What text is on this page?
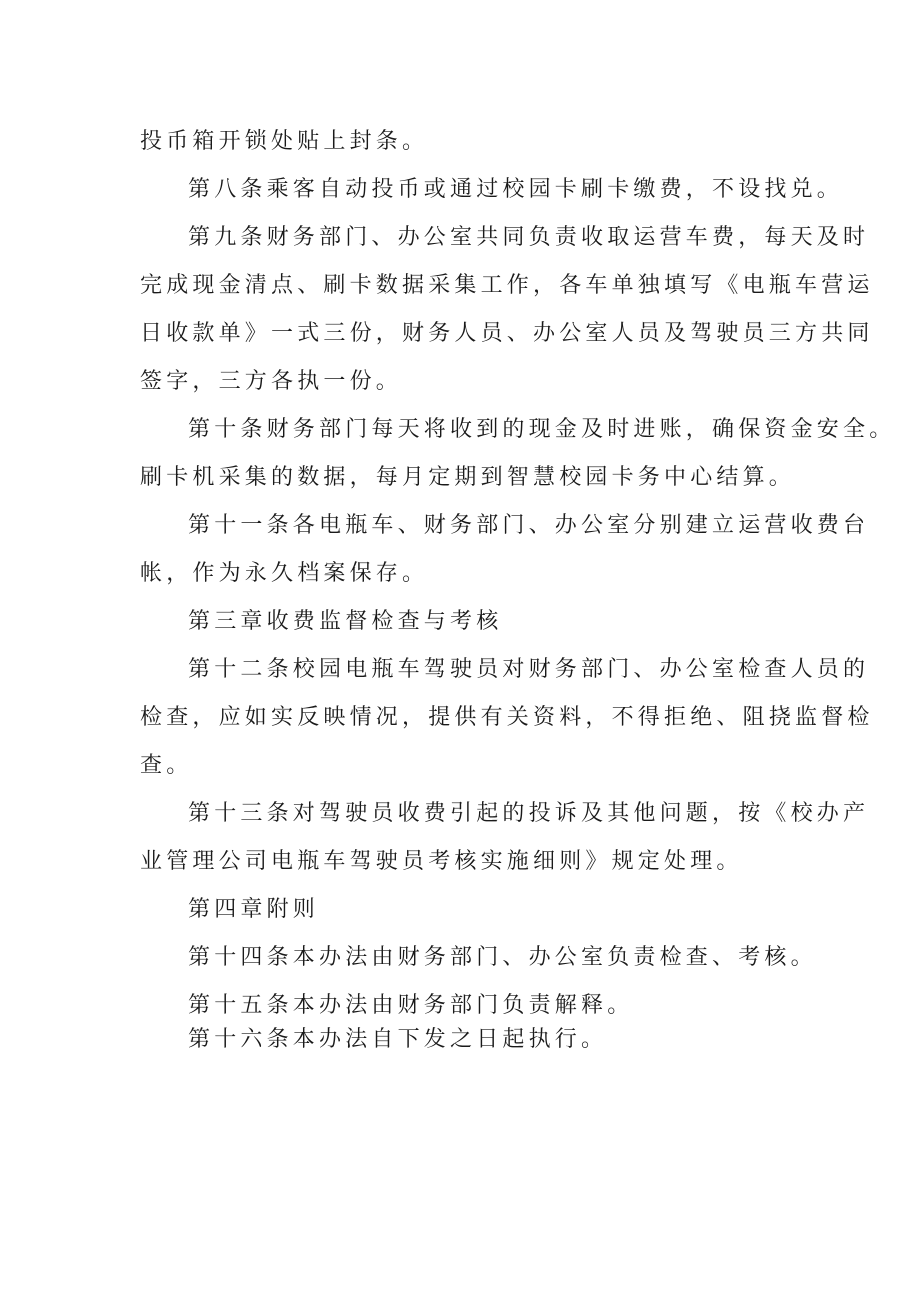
投币箱开锁处贴上封条。
第八条乘客自动投币或通过校园卡刷卡缴费，不设找兑。
第九条财务部门、办公室共同负责收取运营车费，每天及时
完成现金清点、刷卡数据采集工作，各车单独填写《电瓶车营运
日收款单》一式三份，财务人员、办公室人员及驾驶员三方共同
签字，三方各执一份。
第十条财务部门每天将收到的现金及时进账，确保资金安全。
刷卡机采集的数据，每月定期到智慧校园卡务中心结算。
第十一条各电瓶车、财务部门、办公室分别建立运营收费台
帐，作为永久档案保存。
第三章收费监督检查与考核
第十二条校园电瓶车驾驶员对财务部门、办公室检查人员的
检查，应如实反映情况，提供有关资料，不得拒绝、阻挠监督检
查。
第十三条对驾驶员收费引起的投诉及其他问题，按《校办产
业管理公司电瓶车驾驶员考核实施细则》规定处理。
第四章附则
第十四条本办法由财务部门、办公室负责检查、考核。
第十五条本办法由财务部门负责解释。
第十六条本办法自下发之日起执行。
